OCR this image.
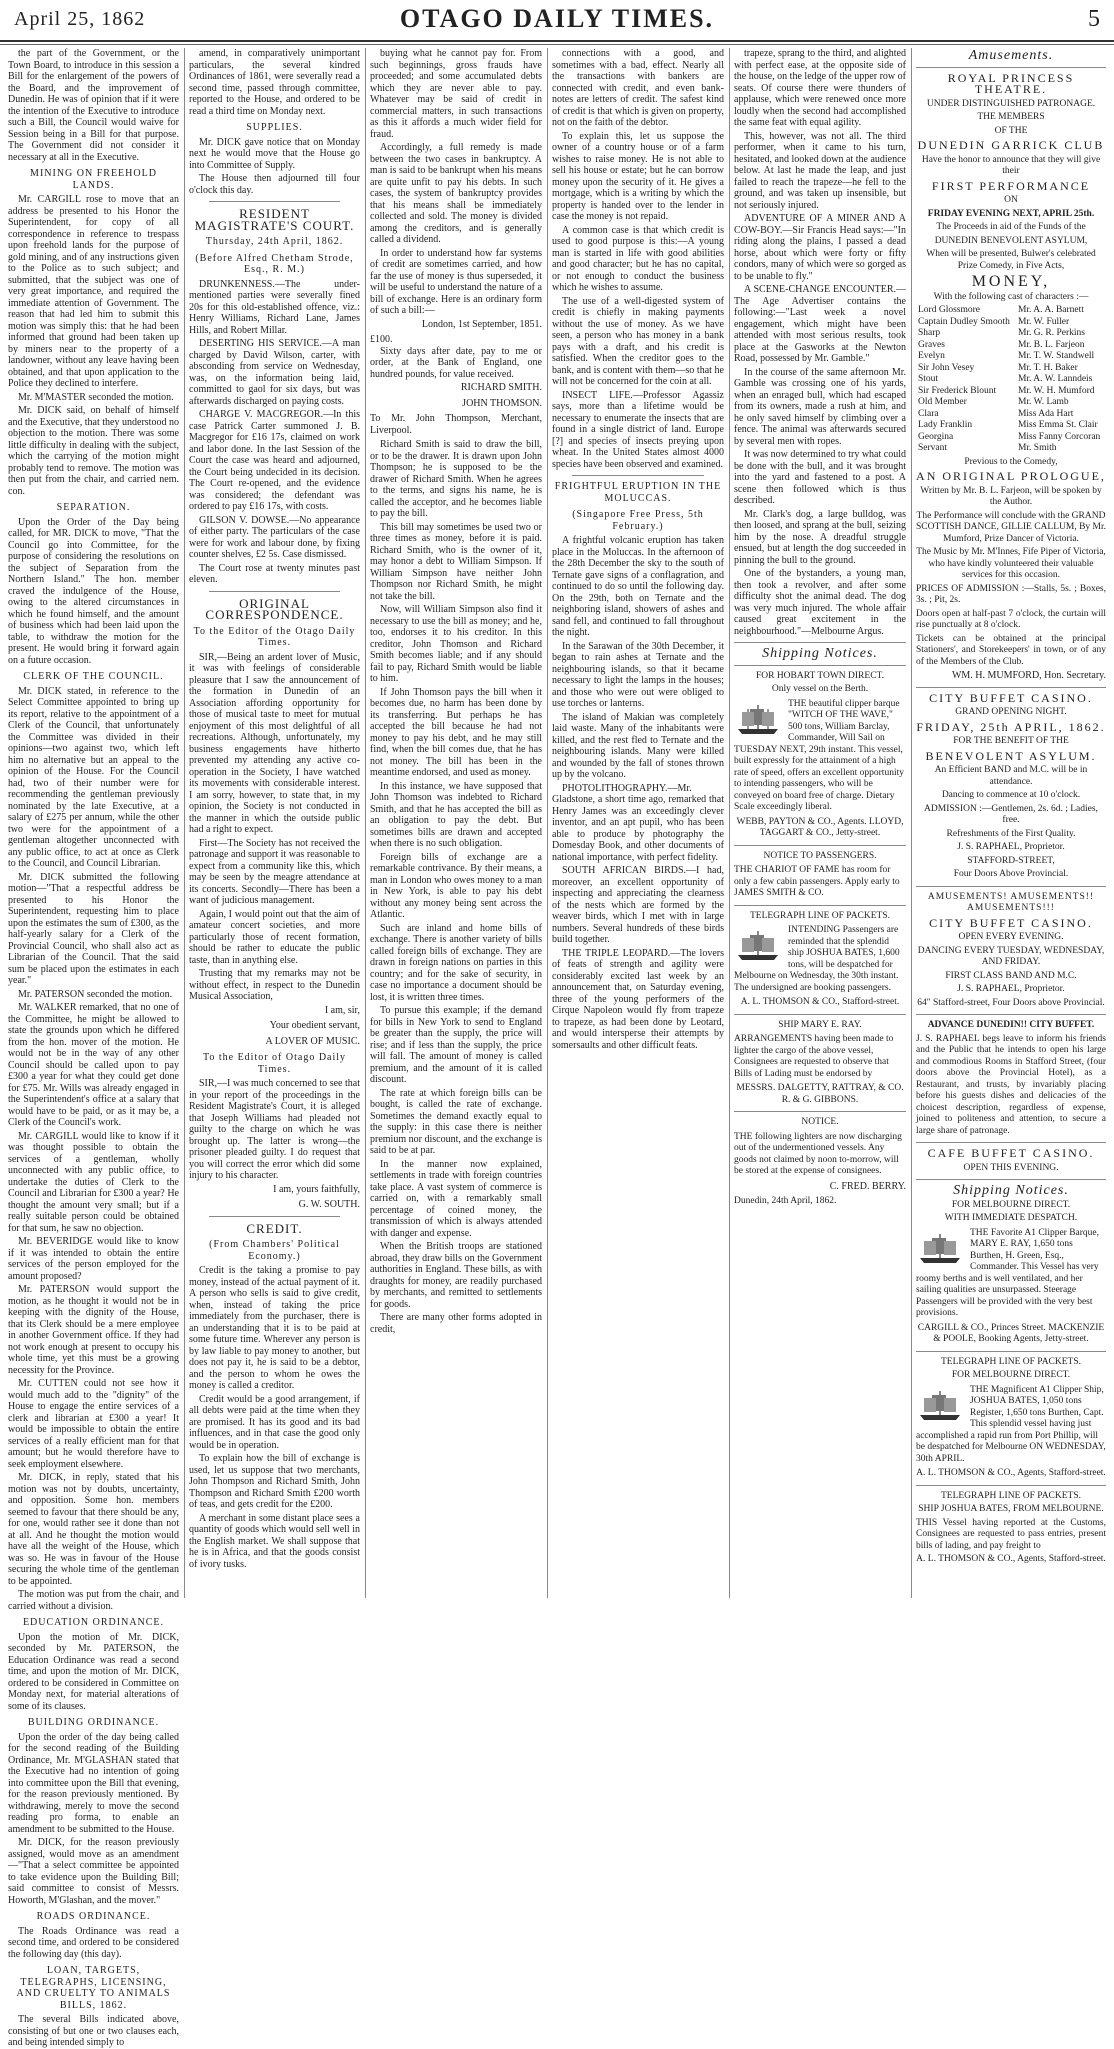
April 25, 1862	OTAGO DAILY TIMES.	5

the part of the Government, or the Town Board, to introduce in this session a Bill for the enlargement of the powers of the Board, and the improvement of Dunedin. He was of opinion that if it were the intention of the Executive to introduce such a Bill, the Council would waive for Session being in a Bill for that purpose. The Government did not consider it necessary at all in the Executive.

MINING ON FREEHOLD LANDS.

Mr. CARGILL rose to move that an address be presented to his Honor the Superintendent, for copy of all correspondence in reference to trespass upon freehold lands for the purpose of gold mining, and of any instructions given to the Police as to such subject; and submitted, that the subject was one of very great importance, and required the immediate attention of Government. The reason that had led him to submit this motion was simply this: that he had been informed that ground had been taken up by miners near to the property of a landowner, without any leave having been obtained, and that upon application to the Police they declined to interfere.

Mr. M'MASTER seconded the motion.

Mr. DICK said, on behalf of himself and the Executive, that they understood no objection to the motion. There was some little difficulty in dealing with the subject, which the carrying of the motion might probably tend to remove. The motion was then put from the chair, and carried nem. con.

SEPARATION.

Upon the Order of the Day being called, for MR. DICK to move, "That the Council go into Committee, for the purpose of considering the resolutions on the subject of Separation from the Northern Island." The hon. member craved the indulgence of the House, owing to the altered circumstances in which he found himself, and the amount of business which had been laid upon the table, to withdraw the motion for the present. He would bring it forward again on a future occasion.

CLERK OF THE COUNCIL.

Mr. DICK stated, in reference to the Select Committee appointed to bring up its report, relative to the appointment of a Clerk of the Council, that unfortunately the Committee was divided in their opinions—two against two, which left him no alternative but an appeal to the opinion of the House. For the Council had, two of their number were for recommending the gentleman previously nominated by the late Executive, at a salary of £275 per annum, while the other two were for the appointment of a gentleman altogether unconnected with any public office, to act at once as Clerk to the Council, and Council Librarian.

Mr. DICK submitted the following motion—"That a respectful address be presented to his Honor the Superintendent, requesting him to place upon the estimates the sum of £300, as the half-yearly salary for a Clerk of the Provincial Council, who shall also act as Librarian of the Council. That the said sum be placed upon the estimates in each year."

Mr. PATERSON seconded the motion.

Mr. WALKER remarked, that no one of the Committee, he might be allowed to state the grounds upon which he differed from the hon. mover of the motion. He would not be in the way of any other Council should be called upon to pay £300 a year for what they could get done for £75. Mr. Wills was already engaged in the Superintendent's office at a salary that would have to be paid, or as it may be, a Clerk of the Council's work.

Mr. CARGILL would like to know if it was thought possible to obtain the services of a gentleman, wholly unconnected with any public office, to undertake the duties of Clerk to the Council and Librarian for £300 a year? He thought the amount very small; but if a really suitable person could be obtained for that sum, he saw no objection.

Mr. BEVERIDGE would like to know if it was intended to obtain the entire services of the person employed for the amount proposed?

Mr. PATERSON would support the motion, as he thought it would not be in keeping with the dignity of the House, that its Clerk should be a mere employee in another Government office. If they had not work enough at present to occupy his whole time, yet this must be a growing necessity for the Province.

Mr. CUTTEN could not see how it would much add to the "dignity" of the House to engage the entire services of a clerk and librarian at £300 a year! It would be impossible to obtain the entire services of a really efficient man for that amount; but he would therefore have to seek employment elsewhere.

Mr. DICK, in reply, stated that his motion was not by doubts, uncertainty, and opposition. Some hon. members seemed to favour that there should be any, for one, would rather see it done than not at all. And he thought the motion would have all the weight of the House, which was so. He was in favour of the House securing the whole time of the gentleman to be appointed.

The motion was put from the chair, and carried without a division.

EDUCATION ORDINANCE.

Upon the motion of Mr. DICK, seconded by Mr. PATERSON, the Education Ordinance was read a second time, and upon the motion of Mr. DICK, ordered to be considered in Committee on Monday next, for material alterations of some of its clauses.

BUILDING ORDINANCE.

Upon the order of the day being called for the second reading of the Building Ordinance, Mr. M'GLASHAN stated that the Executive had no intention of going into committee upon the Bill that evening, for the reason previously mentioned. By withdrawing, merely to move the second reading pro forma, to enable an amendment to be submitted to the House.

Mr. DICK, for the reason previously assigned, would move as an amendment—"That a select committee be appointed to take evidence upon the Building Bill; said committee to consist of Messrs. Howorth, M'Glashan, and the mover."

ROADS ORDINANCE.

The Roads Ordinance was read a second time, and ordered to be considered the following day (this day).

LOAN, TARGETS, TELEGRAPHS, LICENSING, AND CRUELTY TO ANIMALS BILLS, 1862.

The several Bills indicated above, consisting of but one or two clauses each, and being intended simply to

amend, in comparatively unimportant particulars, the several kindred Ordinances of 1861, were severally read a second time, passed through committee, reported to the House, and ordered to be read a third time on Monday next.

SUPPLIES.

Mr. DICK gave notice that on Monday next he would move that the House go into Committee of Supply.

The House then adjourned till four o'clock this day.

RESIDENT MAGISTRATE'S COURT.
Thursday, 24th April, 1862.
(Before Alfred Chetham Strode, Esq., R. M.)

DRUNKENNESS.—The under-mentioned parties were severally fined 20s for this old-established offence, viz.: Henry Williams, Richard Lane, James Hills, and Robert Millar.

DESERTING HIS SERVICE.—A man charged by David Wilson, carter, with absconding from service on Wednesday, was, on the information being laid, committed to gaol for six days, but was afterwards discharged on paying costs.

CHARGE V. MACGREGOR.—In this case Patrick Carter summoned J. B. Macgregor for £16 17s, claimed on work and labor done. In the last Session of the Court the case was heard and adjourned, the Court being undecided in its decision. The Court re-opened, and the evidence was considered; the defendant was ordered to pay £16 17s, with costs.

GILSON V. DOWSE.—No appearance of either party. The particulars of the case were for work and labour done, by fixing counter shelves, £2 5s. Case dismissed.

The Court rose at twenty minutes past eleven.

ORIGINAL CORRESPONDENCE.
To the Editor of the Otago Daily Times.

SIR,—Being an ardent lover of Music, it was with feelings of considerable pleasure that I saw the announcement of the formation in Dunedin of an Association affording opportunity for those of musical taste to meet for mutual enjoyment of this most delightful of all recreations. Although, unfortunately, my business engagements have hitherto prevented my attending any active co-operation in the Society, I have watched its movements with considerable interest. I am sorry, however, to state that, in my opinion, the Society is not conducted in the manner in which the outside public had a right to expect.

First—The Society has not received the patronage and support it was reasonable to expect from a community like this, which may be seen by the meagre attendance at its concerts. Secondly—There has been a want of judicious management.

Again, I would point out that the aim of amateur concert societies, and more particularly those of recent formation, should be rather to educate the public taste, than in anything else.

Trusting that my remarks may not be without effect, in respect to the Dunedin Musical Association,

I am, sir,
Your obedient servant,
A LOVER OF MUSIC.
To the Editor of Otago Daily Times.

SIR,—I was much concerned to see that in your report of the proceedings in the Resident Magistrate's Court, it is alleged that Joseph Williams had pleaded not guilty to the charge on which he was brought up. The latter is wrong—the prisoner pleaded guilty. I do request that you will correct the error which did some injury to his character.

I am, yours faithfully,
G. W. SOUTH.
CREDIT.
(From Chambers' Political Economy.)

Credit is the taking a promise to pay money, instead of the actual payment of it. A person who sells is said to give credit, when, instead of taking the price immediately from the purchaser, there is an understanding that it is to be paid at some future time. Wherever any person is by law liable to pay money to another, but does not pay it, he is said to be a debtor, and the person to whom he owes the money is called a creditor.

Credit would be a good arrangement, if all debts were paid at the time when they are promised. It has its good and its bad influences, and in that case the good only would be in operation.

To explain how the bill of exchange is used, let us suppose that two merchants, John Thompson and Richard Smith, John Thompson and Richard Smith £200 worth of teas, and gets credit for the £200.

A merchant in some distant place sees a quantity of goods which would sell well in the English market. We shall suppose that he is in Africa, and that the goods consist of ivory tusks.

buying what he cannot pay for. From such beginnings, gross frauds have proceeded; and some accumulated debts which they are never able to pay. Whatever may be said of credit in commercial matters, in such transactions as this it affords a much wider field for fraud.

Accordingly, a full remedy is made between the two cases in bankruptcy. A man is said to be bankrupt when his means are quite unfit to pay his debts. In such cases, the system of bankruptcy provides that his means shall be immediately collected and sold. The money is divided among the creditors, and is generally called a dividend.

In order to understand how far systems of credit are sometimes carried, and how far the use of money is thus superseded, it will be useful to understand the nature of a bill of exchange. Here is an ordinary form of such a bill:—

London, 1st September, 1851.
£100.

Sixty days after date, pay to me or order, at the Bank of England, one hundred pounds, for value received.

RICHARD SMITH.
JOHN THOMSON.
To Mr. John Thompson, Merchant, Liverpool.

Richard Smith is said to draw the bill, or to be the drawer. It is drawn upon John Thompson; he is supposed to be the drawer of Richard Smith. When he agrees to the terms, and signs his name, he is called the acceptor, and he becomes liable to pay the bill.

This bill may sometimes be used two or three times as money, before it is paid. Richard Smith, who is the owner of it, may honor a debt to William Simpson. If William Simpson have neither John Thompson nor Richard Smith, he might not take the bill.

Now, will William Simpson also find it necessary to use the bill as money; and he, too, endorses it to his creditor. In this creditor, John Thomson and Richard Smith becomes liable; and if any should fail to pay, Richard Smith would be liable to him.

If John Thomson pays the bill when it becomes due, no harm has been done by its transferring. But perhaps he has accepted the bill because he had not money to pay his debt, and he may still find, when the bill comes due, that he has not money. The bill has been in the meantime endorsed, and used as money.

In this instance, we have supposed that John Thomson was indebted to Richard Smith, and that he has accepted the bill as an obligation to pay the debt. But sometimes bills are drawn and accepted when there is no such obligation.

Foreign bills of exchange are a remarkable contrivance. By their means, a man in London who owes money to a man in New York, is able to pay his debt without any money being sent across the Atlantic.

Such are inland and home bills of exchange. There is another variety of bills called foreign bills of exchange. They are drawn in foreign nations on parties in this country; and for the sake of security, in case no importance a document should be lost, it is written three times.

To pursue this example; if the demand for bills in New York to send to England be greater than the supply, the price will rise; and if less than the supply, the price will fall. The amount of money is called premium, and the amount of it is called discount.

The rate at which foreign bills can be bought, is called the rate of exchange. Sometimes the demand exactly equal to the supply: in this case there is neither premium nor discount, and the exchange is said to be at par.

In the manner now explained, settlements in trade with foreign countries take place. A vast system of commerce is carried on, with a remarkably small percentage of coined money, the transmission of which is always attended with danger and expense.

When the British troops are stationed abroad, they draw bills on the Government authorities in England. These bills, as with draughts for money, are readily purchased by merchants, and remitted to settlements for goods.

There are many other forms adopted in credit,

connections with a good, and sometimes with a bad, effect. Nearly all the transactions with bankers are connected with credit, and even bank-notes are letters of credit. The safest kind of credit is that which is given on property, not on the faith of the debtor.

To explain this, let us suppose the owner of a country house or of a farm wishes to raise money. He is not able to sell his house or estate; but he can borrow money upon the security of it. He gives a mortgage, which is a writing by which the property is handed over to the lender in case the money is not repaid.

A common case is that which credit is used to good purpose is this:—A young man is started in life with good abilities and good character; but he has no capital, or not enough to conduct the business which he wishes to assume.

The use of a well-digested system of credit is chiefly in making payments without the use of money. As we have seen, a person who has money in a bank pays with a draft, and his credit is satisfied. When the creditor goes to the bank, and is content with them—so that he will not be concerned for the coin at all.

INSECT LIFE.—Professor Agassiz says, more than a lifetime would be necessary to enumerate the insects that are found in a single district of land. Europe [?] and species of insects preying upon wheat. In the United States almost 4000 species have been observed and examined.

FRIGHTFUL ERUPTION IN THE MOLUCCAS.
(Singapore Free Press, 5th February.)

A frightful volcanic eruption has taken place in the Moluccas. In the afternoon of the 28th December the sky to the south of Ternate gave signs of a conflagration, and continued to do so until the following day. On the 29th, both on Ternate and the neighboring island, showers of ashes and sand fell, and continued to fall throughout the night.

In the Sarawan of the 30th December, it began to rain ashes at Ternate and the neighbouring islands, so that it became necessary to light the lamps in the houses; and those who were out were obliged to use torches or lanterns.

The island of Makian was completely laid waste. Many of the inhabitants were killed, and the rest fled to Ternate and the neighbouring islands. Many were killed and wounded by the fall of stones thrown up by the volcano.

PHOTOLITHOGRAPHY.—Mr. Gladstone, a short time ago, remarked that Henry James was an exceedingly clever inventor, and an apt pupil, who has been able to produce by photography the Domesday Book, and other documents of national importance, with perfect fidelity.

SOUTH AFRICAN BIRDS.—I had, moreover, an excellent opportunity of inspecting and appreciating the clearness of the nests which are formed by the weaver birds, which I met with in large numbers. Several hundreds of these birds build together.

THE TRIPLE LEOPARD.—The lovers of feats of strength and agility were considerably excited last week by an announcement that, on Saturday evening, three of the young performers of the Cirque Napoleon would fly from trapeze to trapeze, as had been done by Leotard, and would intersperse their attempts by somersaults and other difficult feats.

trapeze, sprang to the third, and alighted with perfect ease, at the opposite side of the house, on the ledge of the upper row of seats. Of course there were thunders of applause, which were renewed once more loudly when the second had accomplished the same feat with equal agility.

This, however, was not all. The third performer, when it came to his turn, hesitated, and looked down at the audience below. At last he made the leap, and just failed to reach the trapeze—he fell to the ground, and was taken up insensible, but not seriously injured.

ADVENTURE OF A MINER AND A COW-BOY.—Sir Francis Head says:—"In riding along the plains, I passed a dead horse, about which were forty or fifty condors, many of which were so gorged as to be unable to fly."

A SCENE-CHANGE ENCOUNTER.—The Age Advertiser contains the following:—"Last week a novel engagement, which might have been attended with most serious results, took place at the Gasworks at the Newton Road, possessed by Mr. Gamble."

In the course of the same afternoon Mr. Gamble was crossing one of his yards, when an enraged bull, which had escaped from its owners, made a rush at him, and he only saved himself by climbing over a fence. The animal was afterwards secured by several men with ropes.

It was now determined to try what could be done with the bull, and it was brought into the yard and fastened to a post. A scene then followed which is thus described.

Mr. Clark's dog, a large bulldog, was then loosed, and sprang at the bull, seizing him by the nose. A dreadful struggle ensued, but at length the dog succeeded in pinning the bull to the ground.

One of the bystanders, a young man, then took a revolver, and after some difficulty shot the animal dead. The dog was very much injured. The whole affair caused great excitement in the neighbourhood."—Melbourne Argus.

Shipping Notices.
FOR HOBART TOWN DIRECT.
Only vessel on the Berth.
THE beautiful clipper barque "WITCH OF THE WAVE," 500 tons, William Barclay, Commander, Will Sail on TUESDAY NEXT, 29th instant. This vessel, built expressly for the attainment of a high rate of speed, offers an excellent opportunity to intending passengers, who will be conveyed on board free of charge. Dietary Scale exceedingly liberal.
WEBB, PAYTON & CO., Agents. LLOYD, TAGGART & CO., Jetty-street.
NOTICE TO PASSENGERS.
THE CHARIOT OF FAME has room for only a few cabin passengers. Apply early to JAMES SMITH & CO.
TELEGRAPH LINE OF PACKETS.
INTENDING Passengers are reminded that the splendid ship JOSHUA BATES, 1,600 tons, will be despatched for Melbourne on Wednesday, the 30th instant. The undersigned are booking passengers.
A. L. THOMSON & CO., Stafford-street.
SHIP MARY E. RAY.
ARRANGEMENTS having been made to lighter the cargo of the above vessel, Consignees are requested to observe that Bills of Lading must be endorsed by
MESSRS. DALGETTY, RATTRAY, & CO. R. & G. GIBBONS.
NOTICE.
THE following lighters are now discharging out of the undermentioned vessels. Any goods not claimed by noon to-morrow, will be stored at the expense of consignees.
C. FRED. BERRY.
Dunedin, 24th April, 1862.
Amusements.
ROYAL PRINCESS THEATRE.
UNDER DISTINGUISHED PATRONAGE.
THE MEMBERS
OF THE
DUNEDIN GARRICK CLUB
Have the honor to announce that they will give their
FIRST PERFORMANCE
ON
FRIDAY EVENING NEXT, APRIL 25th.
The Proceeds in aid of the Funds of the
DUNEDIN BENEVOLENT ASYLUM,
When will be presented, Bulwer's celebrated Prize Comedy, in Five Acts,
MONEY,
With the following cast of characters :—
Lord Glossmore	Mr. A. A. Barnett
Captain Dudley Smooth	Mr. W. Fuller
Sharp	Mr. G. R. Perkins
Graves	Mr. B. L. Farjeon
Evelyn	Mr. T. W. Standwell
Sir John Vesey	Mr. T. H. Baker
Stout	Mr. A. W. Lanndeis
Sir Frederick Blount	Mr. W. H. Mumford
Old Member	Mr. W. Lamb
Clara	Miss Ada Hart
Lady Franklin	Miss Emma St. Clair
Georgina	Miss Fanny Corcoran
Servant	Mr. Smith
Previous to the Comedy,
AN ORIGINAL PROLOGUE,
Written by Mr. B. L. Farjeon, will be spoken by the Author.
The Performance will conclude with the GRAND SCOTTISH DANCE, GILLIE CALLUM, By Mr. Mumford, Prize Dancer of Victoria.
The Music by Mr. M'Innes, Fife Piper of Victoria, who have kindly volunteered their valuable services for this occasion.
PRICES OF ADMISSION :—Stalls, 5s. ; Boxes, 3s. ; Pit, 2s.
Doors open at half-past 7 o'clock, the curtain will rise punctually at 8 o'clock.
Tickets can be obtained at the principal Stationers', and Storekeepers' in town, or of any of the Members of the Club.
WM. H. MUMFORD, Hon. Secretary.
CITY BUFFET CASINO.
GRAND OPENING NIGHT.
FRIDAY, 25th APRIL, 1862.
FOR THE BENEFIT OF THE
BENEVOLENT ASYLUM.
An Efficient BAND and M.C. will be in attendance.
Dancing to commence at 10 o'clock.
ADMISSION :—Gentlemen, 2s. 6d. ; Ladies, free.
Refreshments of the First Quality.
J. S. RAPHAEL, Proprietor.
STAFFORD-STREET,
Four Doors Above Provincial.
AMUSEMENTS! AMUSEMENTS!! AMUSEMENTS!!!
CITY BUFFET CASINO.
OPEN EVERY EVENING.
DANCING EVERY TUESDAY, WEDNESDAY, AND FRIDAY.
FIRST CLASS BAND AND M.C.
J. S. RAPHAEL, Proprietor.
64" Stafford-street, Four Doors above Provincial.
ADVANCE DUNEDIN!! CITY BUFFET.
J. S. RAPHAEL begs leave to inform his friends and the Public that he intends to open his large and commodious Rooms in Stafford Street, (four doors above the Provincial Hotel), as a Restaurant, and trusts, by invariably placing before his guests dishes and delicacies of the choicest description, regardless of expense, joined to politeness and attention, to secure a large share of patronage.
CAFE BUFFET CASINO.
OPEN THIS EVENING.
Shipping Notices.
FOR MELBOURNE DIRECT.
WITH IMMEDIATE DESPATCH.
THE Favorite A1 Clipper Barque, MARY E. RAY, 1,650 tons Burthen, H. Green, Esq., Commander. This Vessel has very roomy berths and is well ventilated, and her sailing qualities are unsurpassed. Steerage Passengers will be provided with the very best provisions.
CARGILL & CO., Princes Street. MACKENZIE & POOLE, Booking Agents, Jetty-street.
TELEGRAPH LINE OF PACKETS.
FOR MELBOURNE DIRECT.
THE Magnificent A1 Clipper Ship, JOSHUA BATES, 1,050 tons Register, 1,650 tons Burthen, Capt. This splendid vessel having just accomplished a rapid run from Port Phillip, will be despatched for Melbourne ON WEDNESDAY, 30th APRIL.
A. L. THOMSON & CO., Agents, Stafford-street.
TELEGRAPH LINE OF PACKETS.
SHIP JOSHUA BATES, FROM MELBOURNE.
THIS Vessel having reported at the Customs, Consignees are requested to pass entries, present bills of lading, and pay freight to
A. L. THOMSON & CO., Agents, Stafford-street.
